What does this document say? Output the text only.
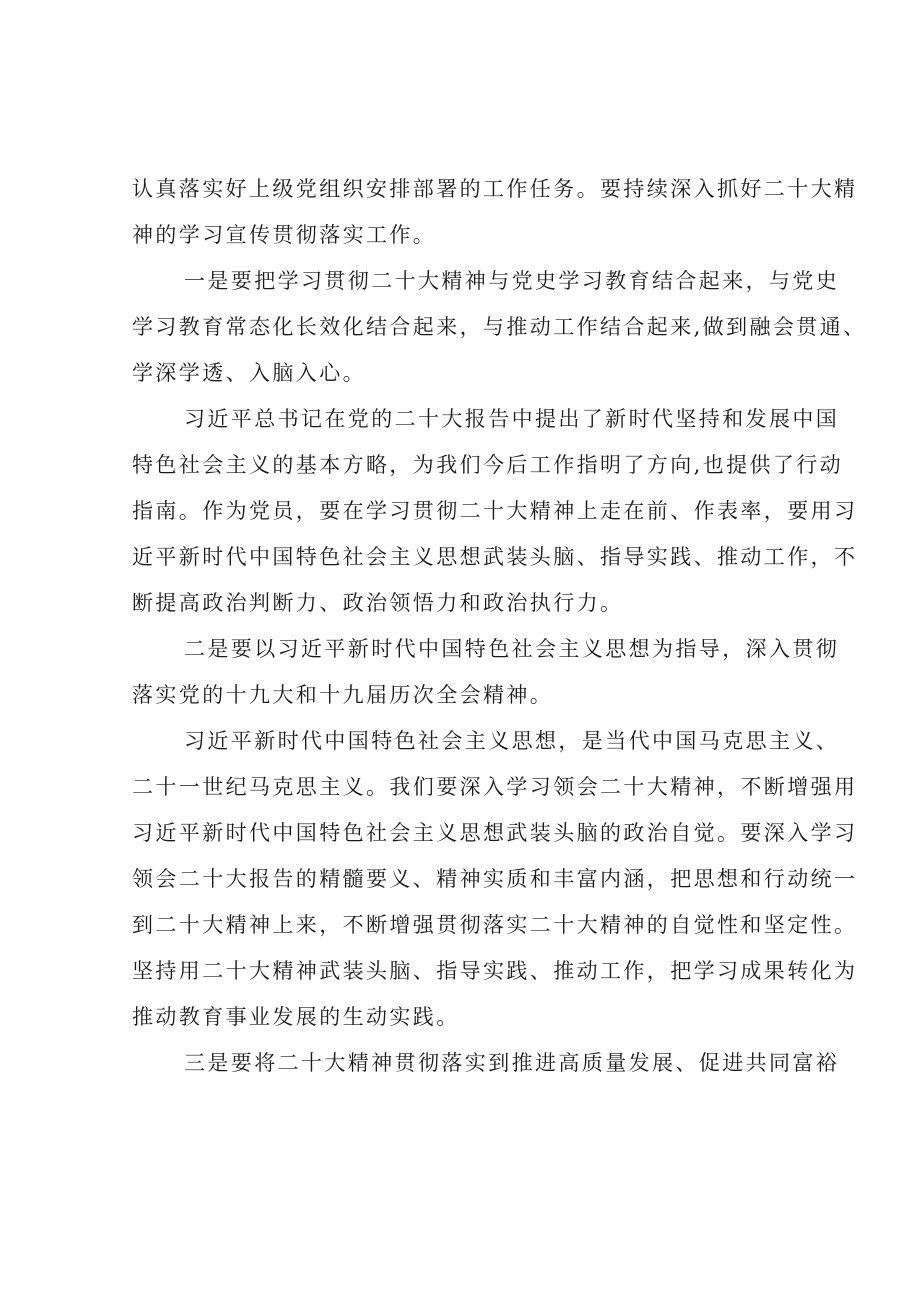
认真落实好上级党组织安排部署的工作任务。要持续深入抓好二十大精
神的学习宣传贯彻落实工作。
一是要把学习贯彻二十大精神与党史学习教育结合起来，与党史
学习教育常态化长效化结合起来，与推动工作结合起来,做到融会贯通、
学深学透、入脑入心。
习近平总书记在党的二十大报告中提出了新时代坚持和发展中国
特色社会主义的基本方略，为我们今后工作指明了方向,也提供了行动
指南。作为党员，要在学习贯彻二十大精神上走在前、作表率，要用习
近平新时代中国特色社会主义思想武装头脑、指导实践、推动工作，不
断提高政治判断力、政治领悟力和政治执行力。
二是要以习近平新时代中国特色社会主义思想为指导，深入贯彻
落实党的十九大和十九届历次全会精神。
习近平新时代中国特色社会主义思想，是当代中国马克思主义、
二十一世纪马克思主义。我们要深入学习领会二十大精神，不断增强用
习近平新时代中国特色社会主义思想武装头脑的政治自觉。要深入学习
领会二十大报告的精髓要义、精神实质和丰富内涵，把思想和行动统一
到二十大精神上来，不断增强贯彻落实二十大精神的自觉性和坚定性。
坚持用二十大精神武装头脑、指导实践、推动工作，把学习成果转化为
推动教育事业发展的生动实践。
三是要将二十大精神贯彻落实到推进高质量发展、促进共同富裕
